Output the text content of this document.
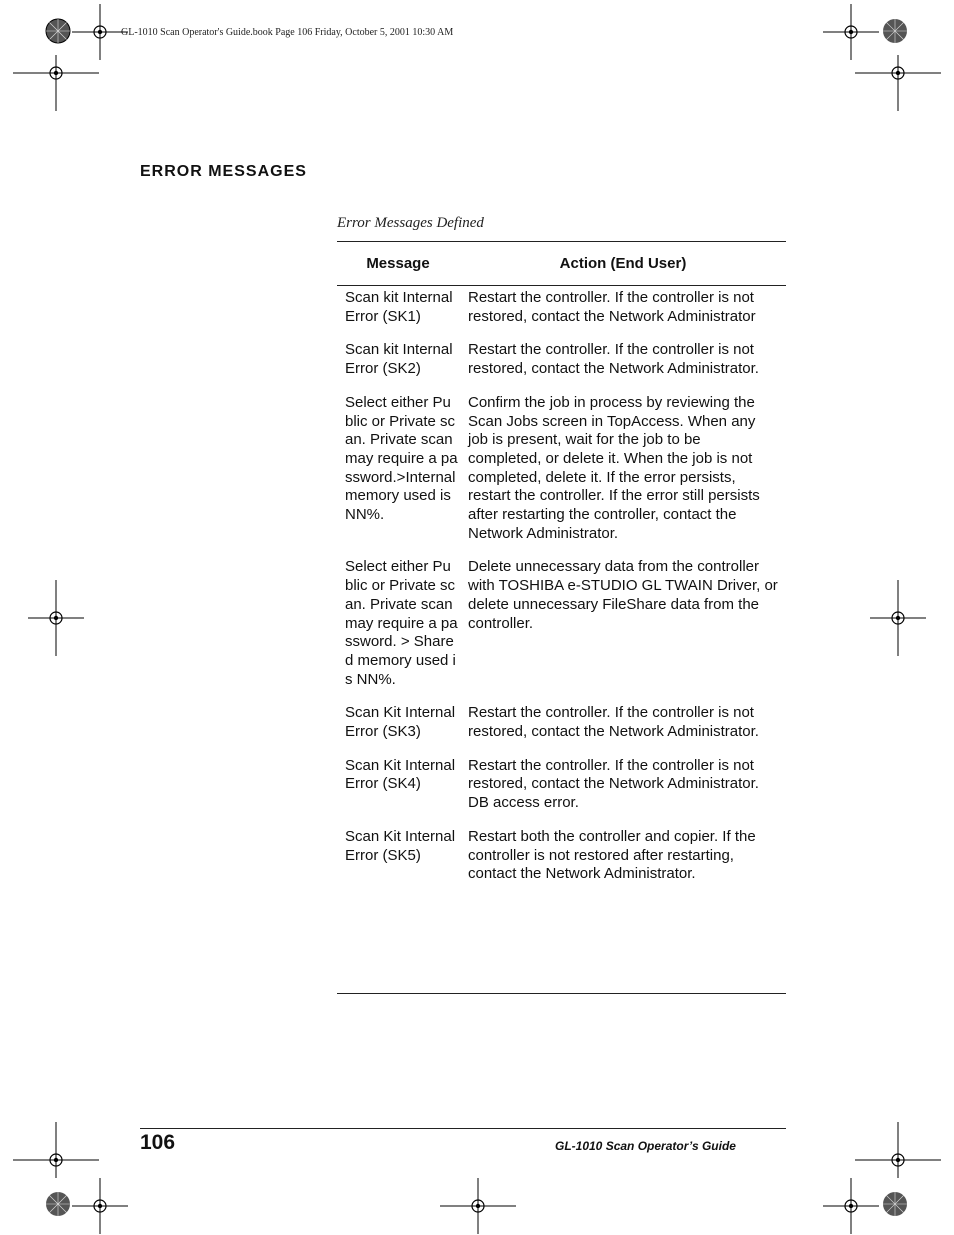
GL-1010 Scan Operator's Guide.book Page 106 Friday, October 5, 2001 10:30 AM
ERROR MESSAGES
Error Messages Defined
Message	Action (End User)
Scan kit Internal Error (SK1)
Restart the controller. If the controller is not restored, contact the Network Administrator
Scan kit Internal Error (SK2)
Restart the controller. If the controller is not restored, contact the Network Administrator.
Select either Public or Private scan. Private scan may require a password.>Internal memory used is NN%.
Confirm the job in process by reviewing the Scan Jobs screen in TopAccess. When any job is present, wait for the job to be completed, or delete it. When the job is not completed, delete it. If the error persists, restart the controller. If the error still persists after restarting the controller, contact the Network Administrator.
Select either Public or Private scan. Private scan may require a password. > Shared memory used is NN%.
Delete unnecessary data from the controller with TOSHIBA e-STUDIO GL TWAIN Driver, or delete unnecessary FileShare data from the controller.
Scan Kit Internal Error (SK3)
Restart the controller. If the controller is not restored, contact the Network Administrator.
Scan Kit Internal Error (SK4)
Restart the controller. If the controller is not restored, contact the Network Administrator. DB access error.
Scan Kit Internal Error (SK5)
Restart both the controller and copier. If the controller is not restored after restarting, contact the Network Administrator.
106	GL-1010 Scan Operator’s Guide
